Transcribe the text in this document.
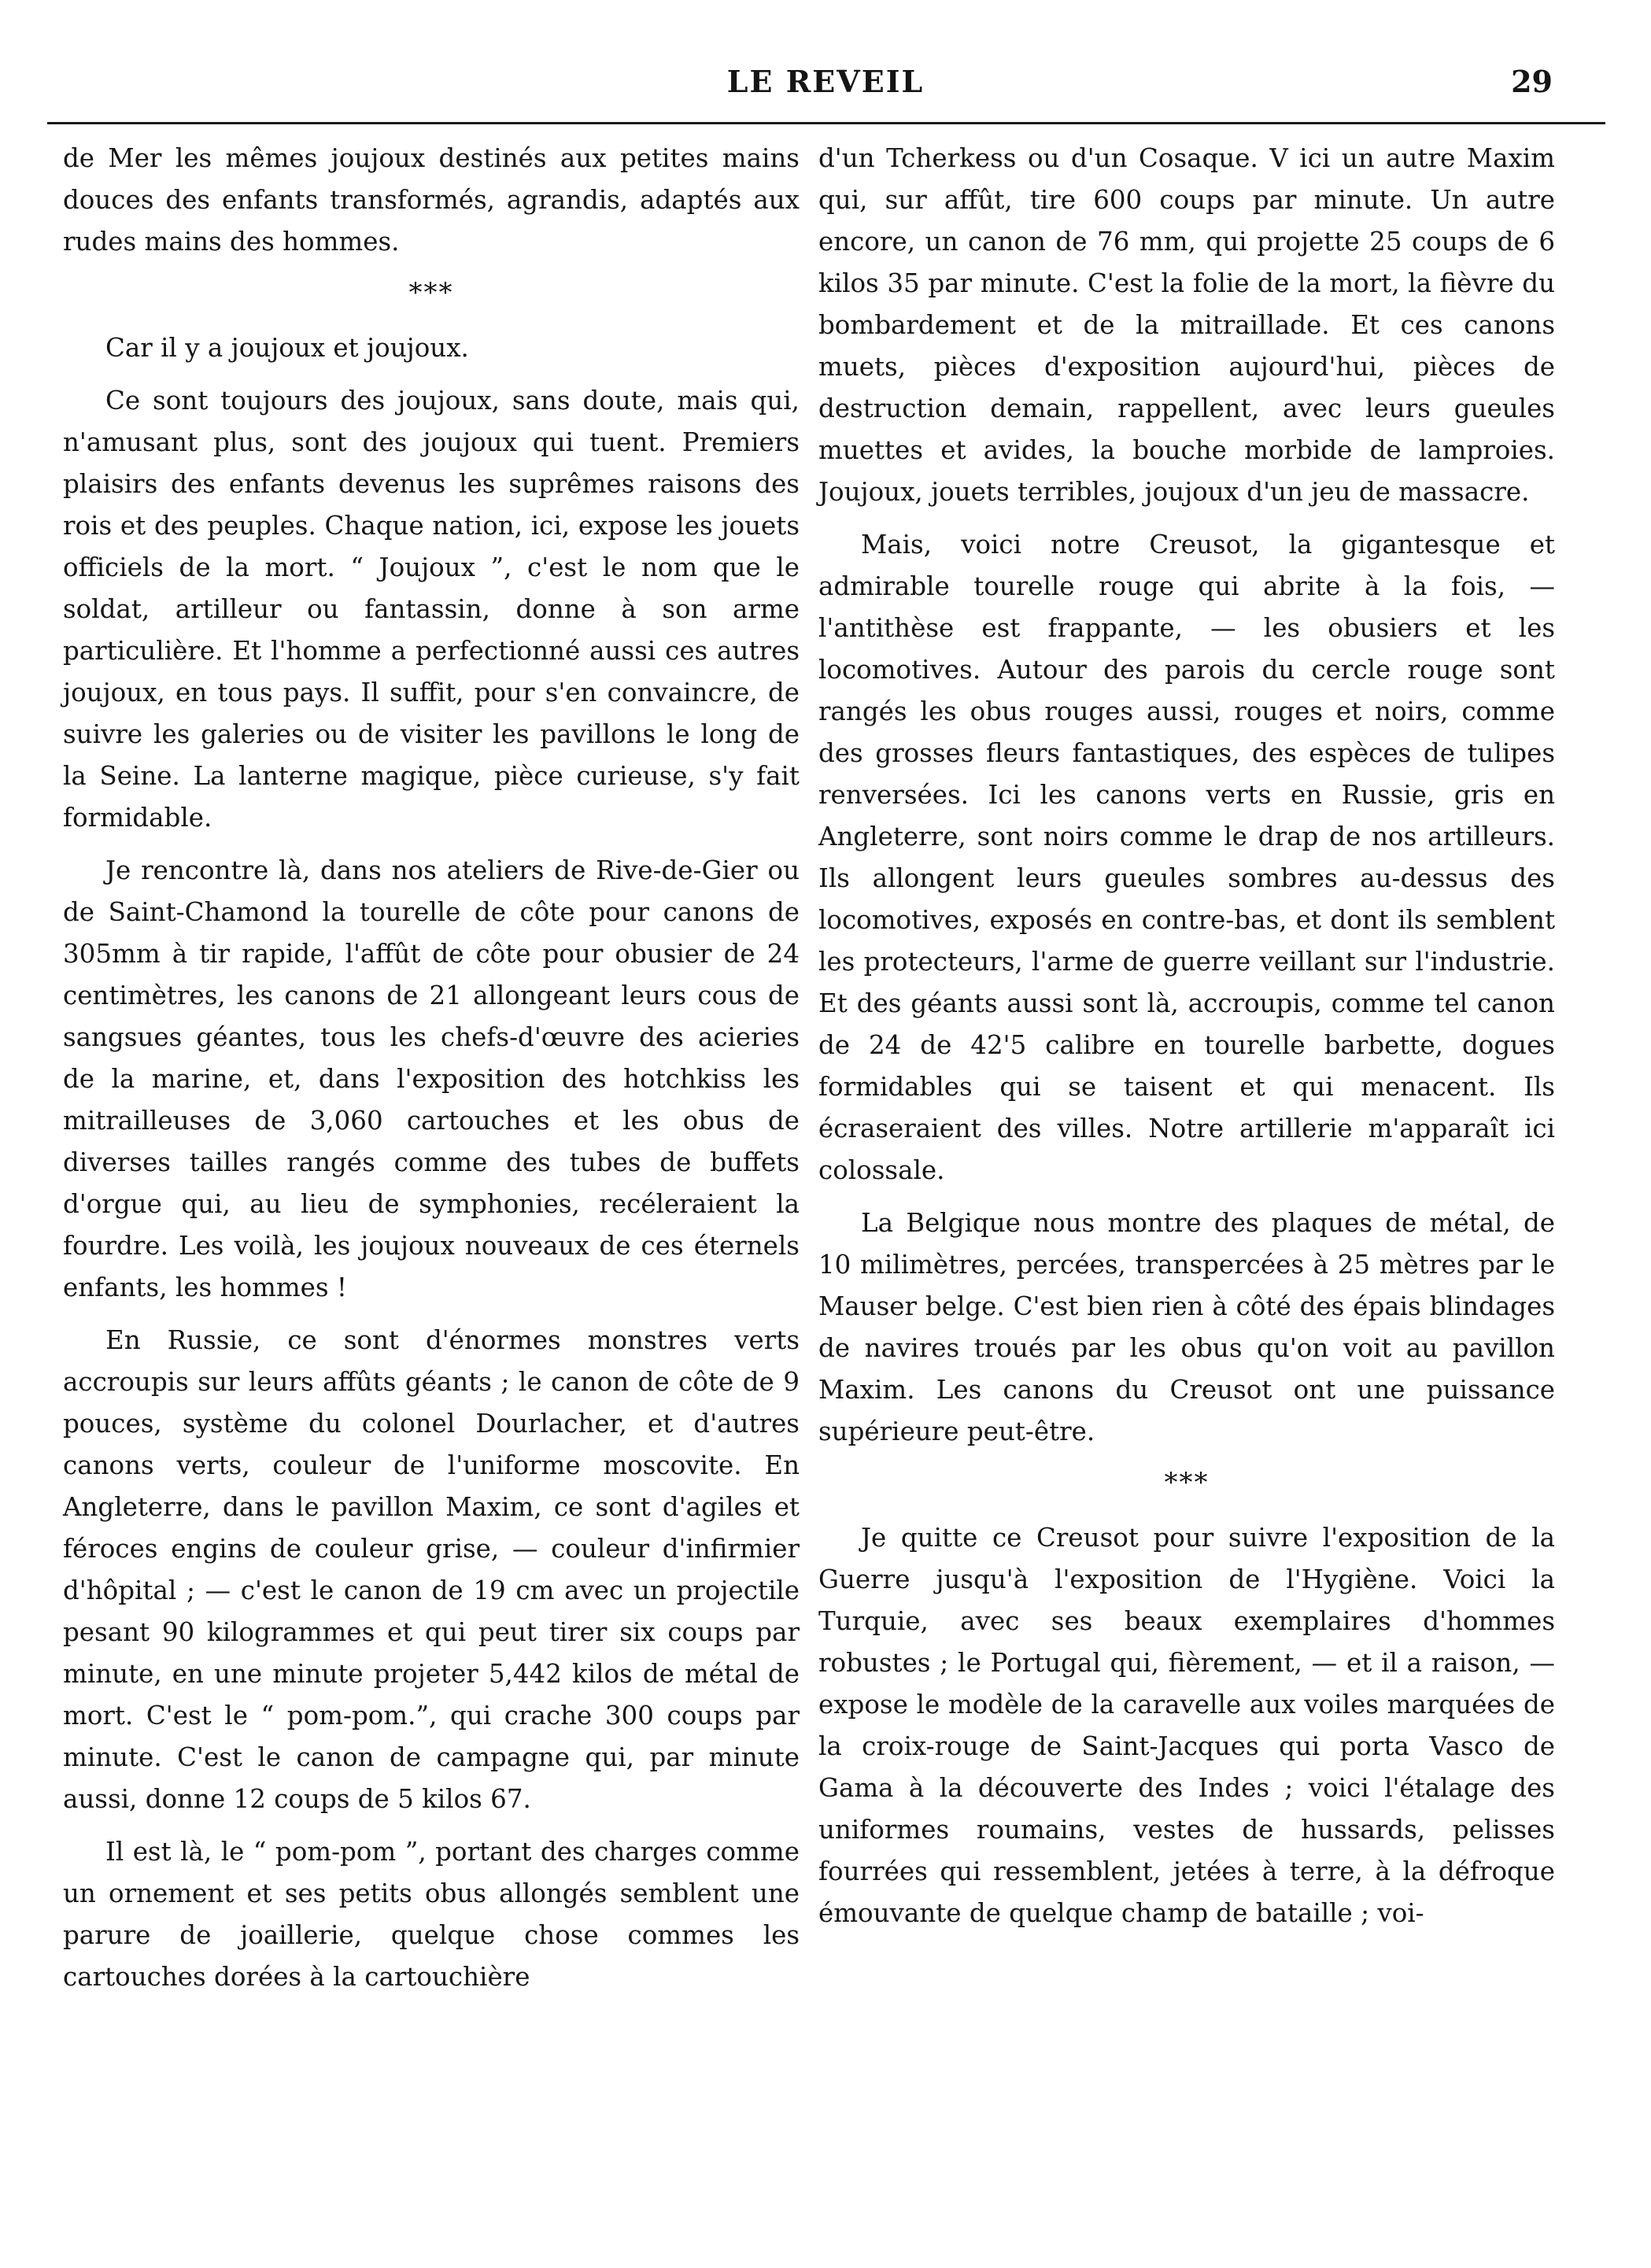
LE REVEIL	29

de Mer les mêmes joujoux destinés aux petites mains douces des enfants transformés, agrandis, adaptés aux rudes mains des hommes.

***

Car il y a joujoux et joujoux.

Ce sont toujours des joujoux, sans doute, mais qui, n'amusant plus, sont des joujoux qui tuent. Premiers plaisirs des enfants devenus les suprêmes raisons des rois et des peuples. Chaque nation, ici, expose les jouets officiels de la mort. “ Joujoux ”, c'est le nom que le soldat, artilleur ou fantassin, donne à son arme particulière. Et l'homme a perfectionné aussi ces autres joujoux, en tous pays. Il suffit, pour s'en convaincre, de suivre les galeries ou de visiter les pavillons le long de la Seine. La lanterne magique, pièce curieuse, s'y fait formidable.

Je rencontre là, dans nos ateliers de Rive-de-Gier ou de Saint-Chamond la tourelle de côte pour canons de 305mm à tir rapide, l'affût de côte pour obusier de 24 centimètres, les canons de 21 allongeant leurs cous de sangsues géantes, tous les chefs-d'œuvre des acieries de la marine, et, dans l'exposition des hotchkiss les mitrailleuses de 3,060 cartouches et les obus de diverses tailles rangés comme des tubes de buffets d'orgue qui, au lieu de symphonies, recéleraient la fourdre. Les voilà, les joujoux nouveaux de ces éternels enfants, les hommes !

En Russie, ce sont d'énormes monstres verts accroupis sur leurs affûts géants ; le canon de côte de 9 pouces, système du colonel Dourlacher, et d'autres canons verts, couleur de l'uniforme moscovite. En Angleterre, dans le pavillon Maxim, ce sont d'agiles et féroces engins de couleur grise, — couleur d'infirmier d'hôpital ; — c'est le canon de 19 cm avec un projectile pesant 90 kilogrammes et qui peut tirer six coups par minute, en une minute projeter 5,442 kilos de métal de mort. C'est le “ pom-pom.”, qui crache 300 coups par minute. C'est le canon de campagne qui, par minute aussi, donne 12 coups de 5 kilos 67.

Il est là, le “ pom-pom ”, portant des charges comme un ornement et ses petits obus allongés semblent une parure de joaillerie, quelque chose commes les cartouches dorées à la cartouchière

d'un Tcherkess ou d'un Cosaque. V ici un autre Maxim qui, sur affût, tire 600 coups par minute. Un autre encore, un canon de 76 mm, qui projette 25 coups de 6 kilos 35 par minute. C'est la folie de la mort, la fièvre du bombardement et de la mitraillade. Et ces canons muets, pièces d'exposition aujourd'hui, pièces de destruction demain, rappellent, avec leurs gueules muettes et avides, la bouche morbide de lamproies. Joujoux, jouets terribles, joujoux d'un jeu de massacre.

Mais, voici notre Creusot, la gigantesque et admirable tourelle rouge qui abrite à la fois, — l'antithèse est frappante, — les obusiers et les locomotives. Autour des parois du cercle rouge sont rangés les obus rouges aussi, rouges et noirs, comme des grosses fleurs fantastiques, des espèces de tulipes renversées. Ici les canons verts en Russie, gris en Angleterre, sont noirs comme le drap de nos artilleurs. Ils allongent leurs gueules sombres au-dessus des locomotives, exposés en contre-bas, et dont ils semblent les protecteurs, l'arme de guerre veillant sur l'industrie. Et des géants aussi sont là, accroupis, comme tel canon de 24 de 42'5 calibre en tourelle barbette, dogues formidables qui se taisent et qui menacent. Ils écraseraient des villes. Notre artillerie m'apparaît ici colossale.

La Belgique nous montre des plaques de métal, de 10 milimètres, percées, transpercées à 25 mètres par le Mauser belge. C'est bien rien à côté des épais blindages de navires troués par les obus qu'on voit au pavillon Maxim. Les canons du Creusot ont une puissance supérieure peut-être.

***

Je quitte ce Creusot pour suivre l'exposition de la Guerre jusqu'à l'exposition de l'Hygiène. Voici la Turquie, avec ses beaux exemplaires d'hommes robustes ; le Portugal qui, fièrement, — et il a raison, — expose le modèle de la caravelle aux voiles marquées de la croix-rouge de Saint-Jacques qui porta Vasco de Gama à la découverte des Indes ; voici l'étalage des uniformes roumains, vestes de hussards, pelisses fourrées qui ressemblent, jetées à terre, à la défroque émouvante de quelque champ de bataille ; voi-
